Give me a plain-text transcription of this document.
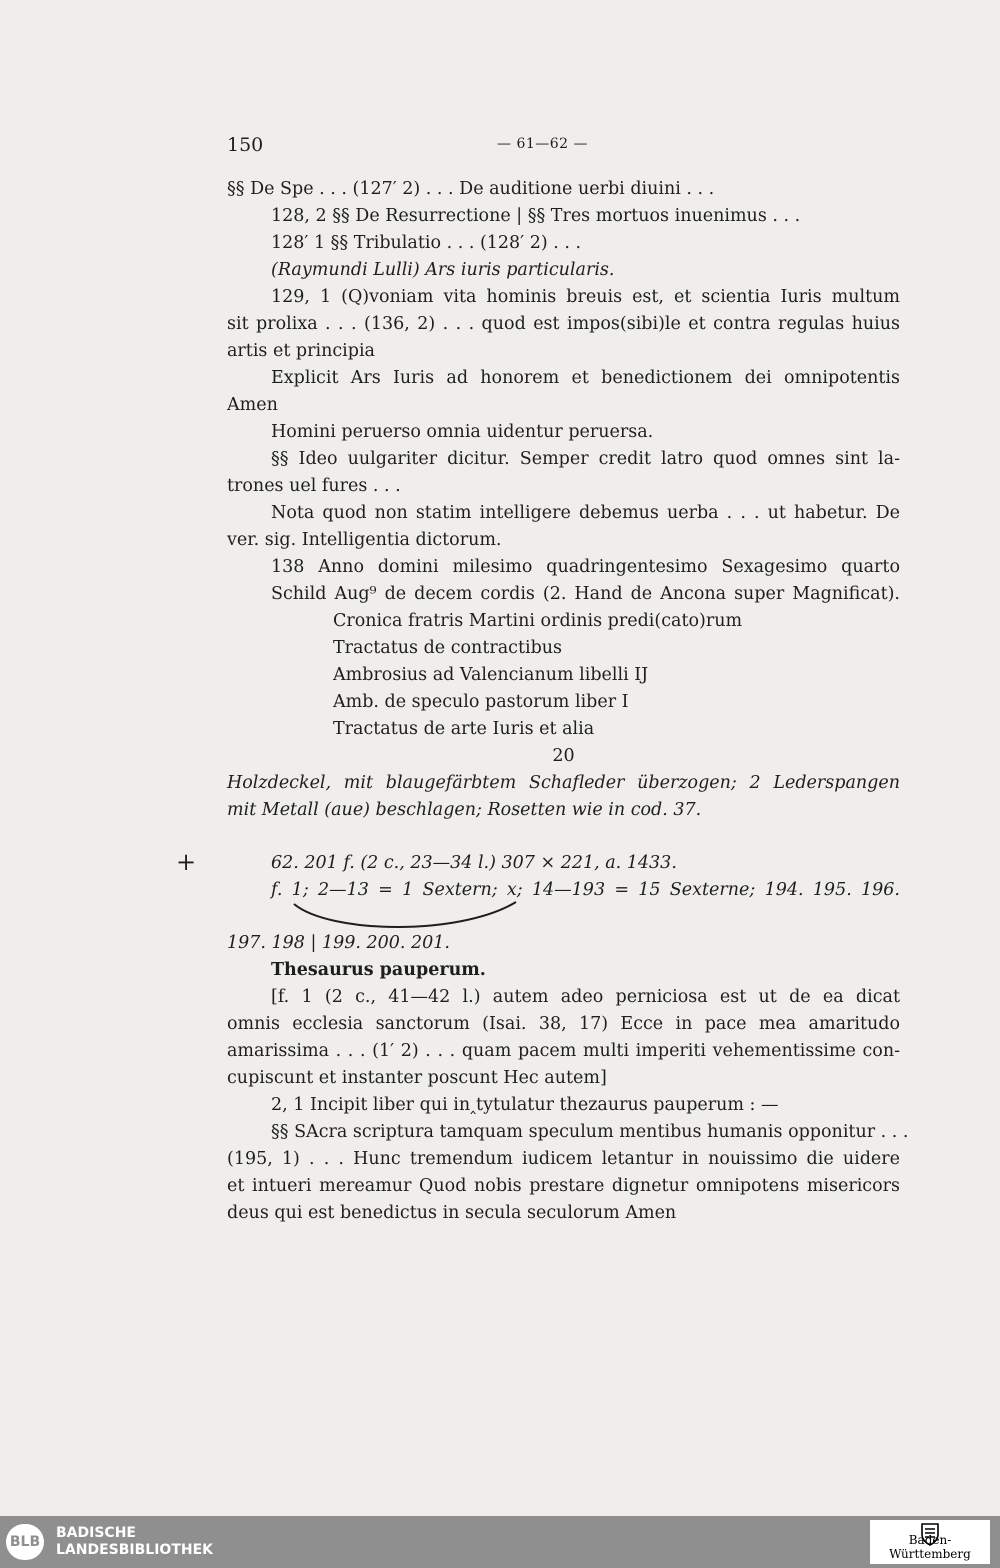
150	— 61—62 —
+
§§ De Spe . . . (127′ 2) . . . De auditione uerbi diuini . . .
128, 2 §§ De Resurrectione | §§ Tres mortuos inuenimus . . .
128′ 1 §§ Tribulatio . . . (128′ 2) . . .
(Raymundi Lulli) Ars iuris particularis.
129, 1 (Q)voniam vita hominis breuis est, et scientia Iuris multum
sit prolixa . . . (136, 2) . . . quod est impos(sibi)le et contra regulas huius
artis et principia
Explicit Ars Iuris ad honorem et benedictionem dei omnipotentis
Amen
Homini peruerso omnia uidentur peruersa.
§§ Ideo uulgariter dicitur. Semper credit latro quod omnes sint la-
trones uel fures . . .
Nota quod non statim intelligere debemus uerba . . . ut habetur. De
ver. sig. Intelligentia dictorum.
138 Anno domini milesimo quadringentesimo Sexagesimo quarto
Schild Aug⁹ de decem cordis (2. Hand de Ancona super Magnificat).
Cronica fratris Martini ordinis predi(cato)rum
Tractatus de contractibus
Ambrosius ad Valencianum libelli IJ
Amb. de speculo pastorum liber I
Tractatus de arte Iuris et alia
20
Holzdeckel, mit blaugefärbtem Schafleder überzogen; 2 Lederspangen
mit Metall (aue) beschlagen; Rosetten wie in cod. 37.
62. 201 f. (2 c., 23—34 l.) 307 × 221, a. 1433.
f. 1; 2—13 = 1 Sextern; x; 14—193 = 15 Sexterne; 194. 195. 196.
197. 198 | 199. 200. 201.
Thesaurus pauperum.
[f. 1 (2 c., 41—42 l.) autem adeo perniciosa est ut de ea dicat
omnis ecclesia sanctorum (Isai. 38, 17) Ecce in pace mea amaritudo
amarissima . . . (1′ 2) . . . quam pacem multi imperiti vehementissime con-
cupiscunt et instanter poscunt Hec autem]
2, 1 Incipit liber qui in‸tytulatur thezaurus pauperum : —
§§ SAcra scriptura tamquam speculum mentibus humanis opponitur . . .
(195, 1) . . . Hunc tremendum iudicem letantur in nouissimo die uidere
et intueri mereamur Quod nobis prestare dignetur omnipotens misericors
deus qui est benedictus in secula seculorum Amen
BLB
BADISCHE
LANDESBIBLIOTHEK
Baden-Württemberg
